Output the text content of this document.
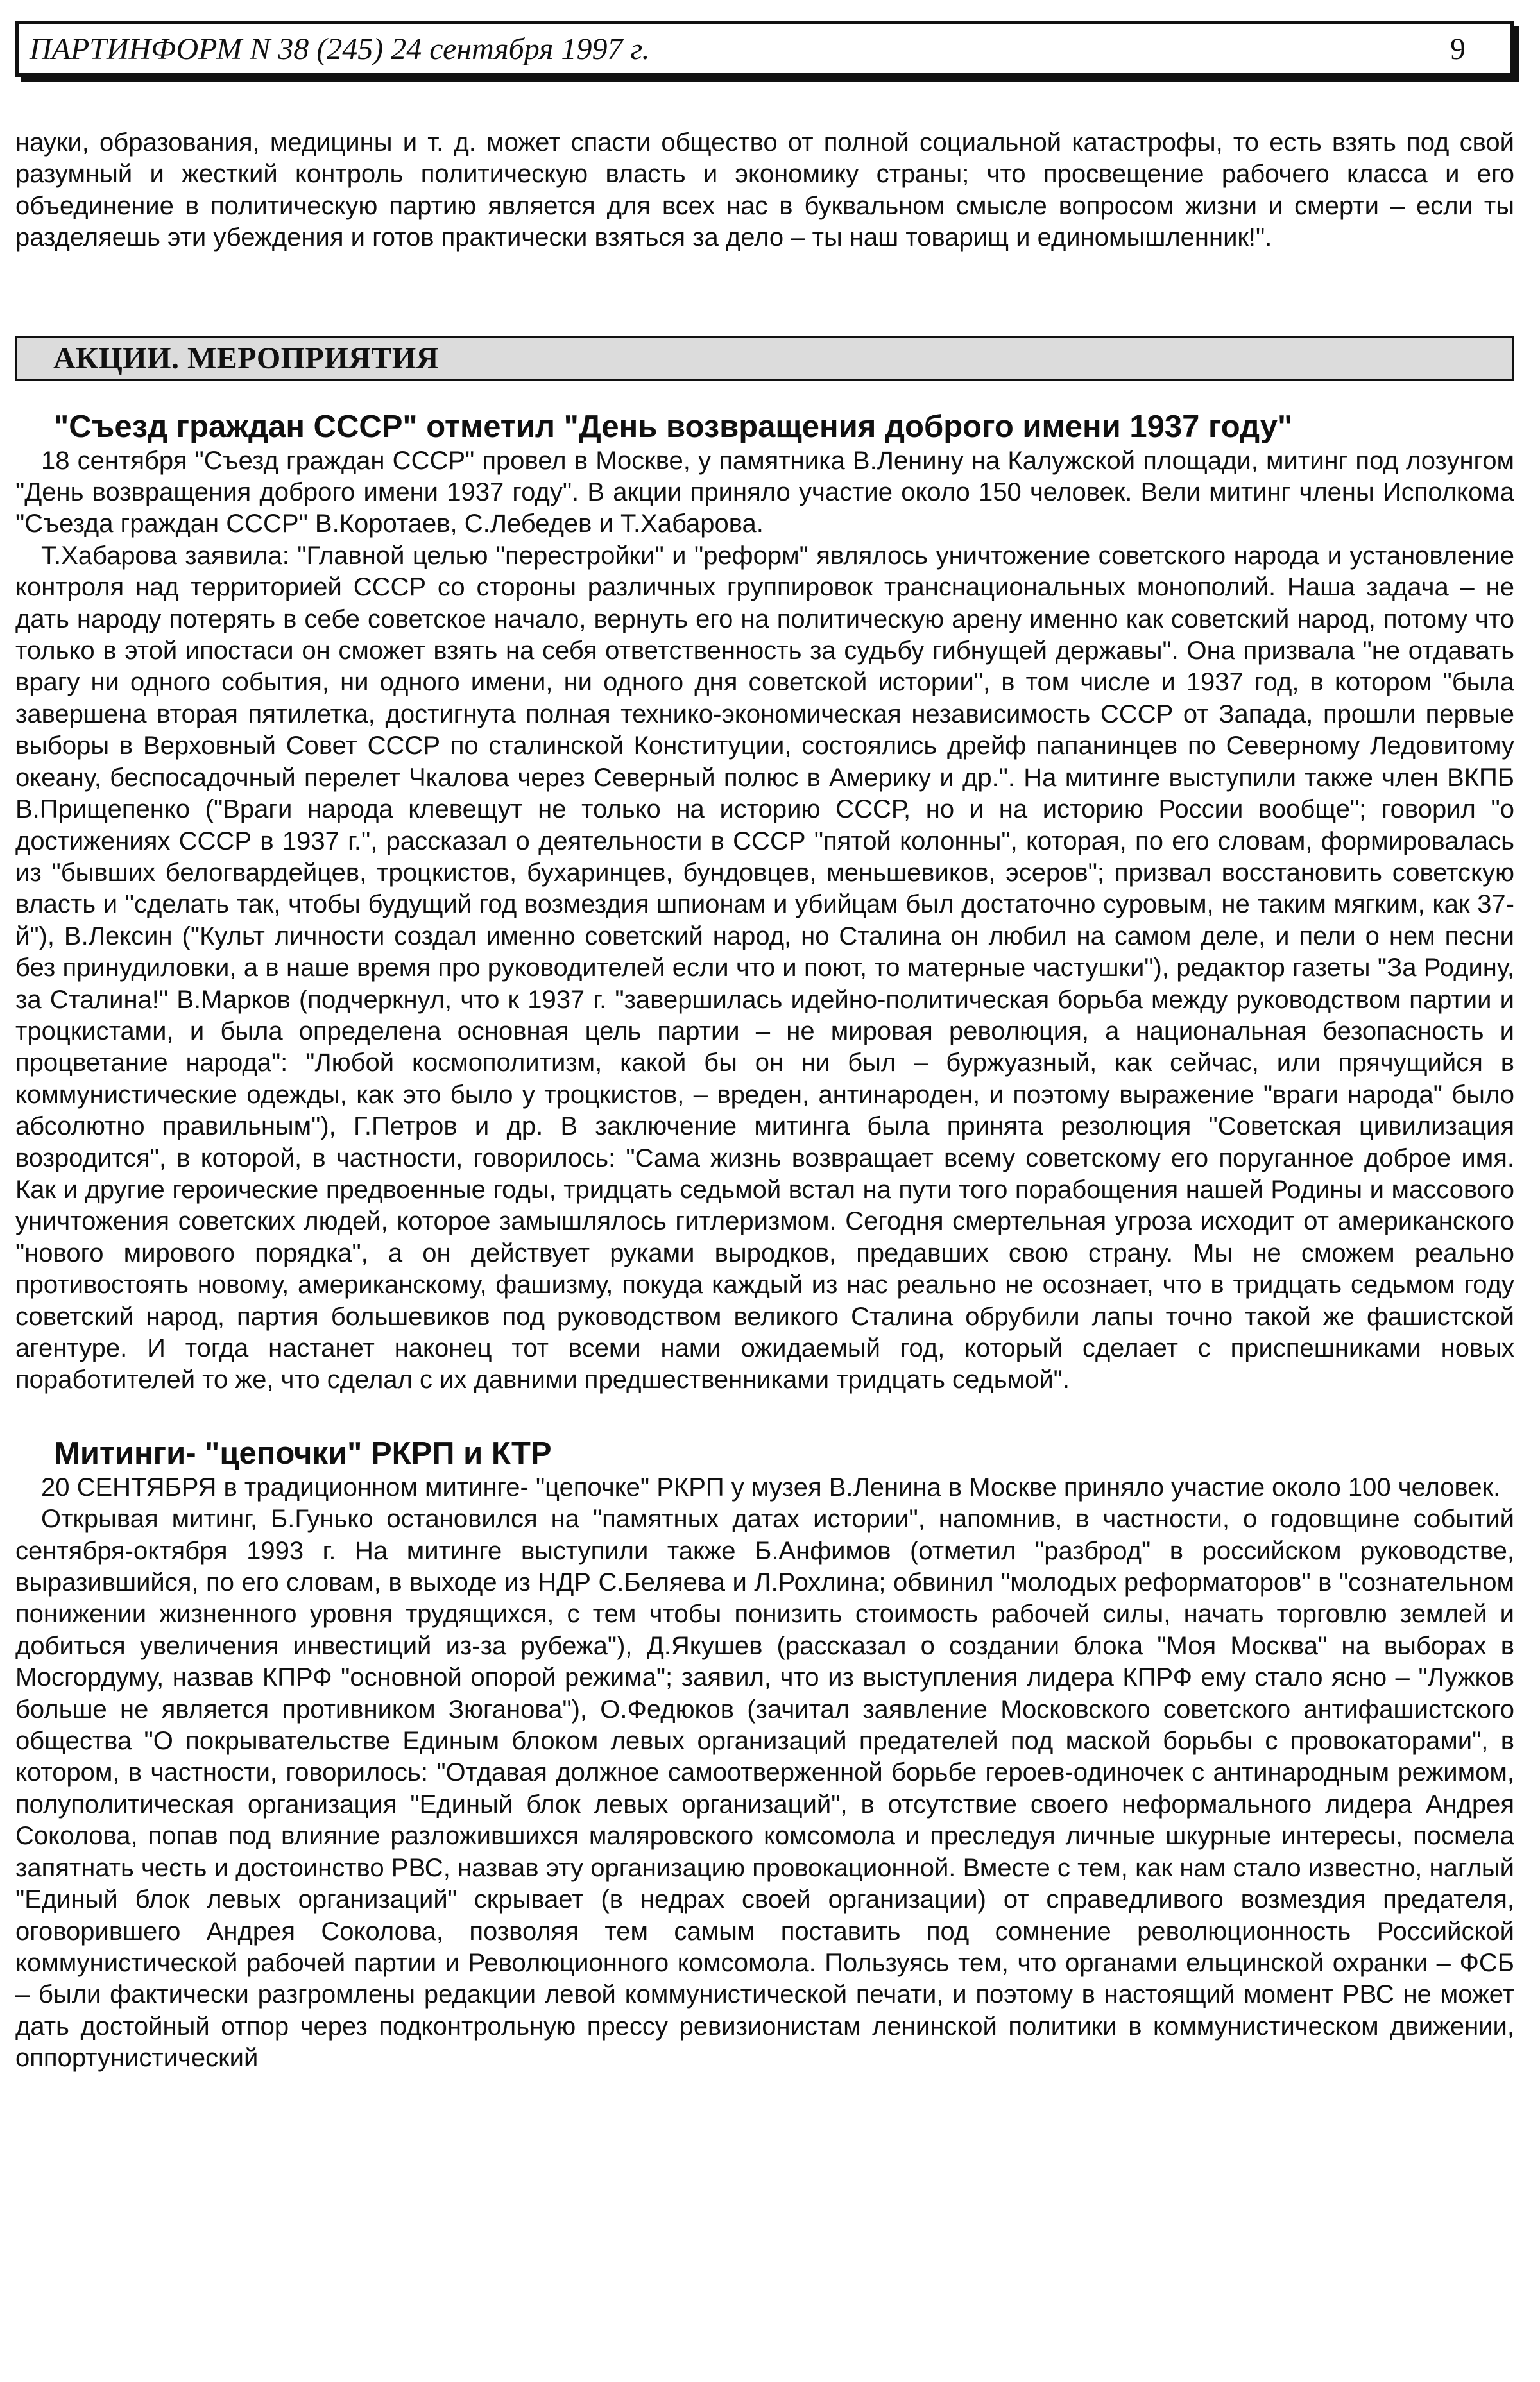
ПАРТИНФОРМ N 38 (245) 24 сентября 1997 г.	9

науки, образования, медицины и т. д. может спасти общество от полной социальной катастрофы, то есть взять под свой разумный и жесткий контроль политическую власть и экономику страны; что просвещение рабочего класса и его объединение в политическую партию является для всех нас в буквальном смысле вопросом жизни и смерти – если ты разделяешь эти убеждения и готов практически взяться за дело – ты наш товарищ и единомышленник!".

АКЦИИ. МЕРОПРИЯТИЯ
"Съезд граждан СССР" отметил "День возвращения доброго имени 1937 году"

18 сентября "Съезд граждан СССР" провел в Москве, у памятника В.Ленину на Калужской площади, митинг под лозунгом "День возвращения доброго имени 1937 году". В акции приняло участие около 150 человек. Вели митинг члены Исполкома "Съезда граждан СССР" В.Коротаев, С.Лебедев и Т.Хабарова.

Т.Хабарова заявила: "Главной целью "перестройки" и "реформ" являлось уничтожение советского народа и установление контроля над территорией СССР со стороны различных группировок транснациональных монополий. Наша задача – не дать народу потерять в себе советское начало, вернуть его на политическую арену именно как советский народ, потому что только в этой ипостаси он сможет взять на себя ответственность за судьбу гибнущей державы". Она призвала "не отдавать врагу ни одного события, ни одного имени, ни одного дня советской истории", в том числе и 1937 год, в котором "была завершена вторая пятилетка, достигнута полная технико-экономическая независимость СССР от Запада, прошли первые выборы в Верховный Совет СССР по сталинской Конституции, состоялись дрейф папанинцев по Северному Ледовитому океану, беспосадочный перелет Чкалова через Северный полюс в Америку и др.". На митинге выступили также член ВКПБ В.Прищепенко ("Враги народа клевещут не только на историю СССР, но и на историю России вообще"; говорил "о достижениях СССР в 1937 г.", рассказал о деятельности в СССР "пятой колонны", которая, по его словам, формировалась из "бывших белогвардейцев, троцкистов, бухаринцев, бундовцев, меньшевиков, эсеров"; призвал восстановить советскую власть и "сделать так, чтобы будущий год возмездия шпионам и убийцам был достаточно суровым, не таким мягким, как 37-й"), В.Лексин ("Культ личности создал именно советский народ, но Сталина он любил на самом деле, и пели о нем песни без принудиловки, а в наше время про руководителей если что и поют, то матерные частушки"), редактор газеты "За Родину, за Сталина!" В.Марков (подчеркнул, что к 1937 г. "завершилась идейно-политическая борьба между руководством партии и троцкистами, и была определена основная цель партии – не мировая революция, а национальная безопасность и процветание народа": "Любой космополитизм, какой бы он ни был – буржуазный, как сейчас, или прячущийся в коммунистические одежды, как это было у троцкистов, – вреден, антинароден, и поэтому выражение "враги народа" было абсолютно правильным"), Г.Петров и др. В заключение митинга была принята резолюция "Советская цивилизация возродится", в которой, в частности, говорилось: "Сама жизнь возвращает всему советскому его поруганное доброе имя. Как и другие героические предвоенные годы, тридцать седьмой встал на пути того порабощения нашей Родины и массового уничтожения советских людей, которое замышлялось гитлеризмом. Сегодня смертельная угроза исходит от американского "нового мирового порядка", а он действует руками выродков, предавших свою страну. Мы не сможем реально противостоять новому, американскому, фашизму, покуда каждый из нас реально не осознает, что в тридцать седьмом году советский народ, партия большевиков под руководством великого Сталина обрубили лапы точно такой же фашистской агентуре. И тогда настанет наконец тот всеми нами ожидаемый год, который сделает с приспешниками новых поработителей то же, что сделал с их давними предшественниками тридцать седьмой".

Митинги- "цепочки" РКРП и КТР

20 СЕНТЯБРЯ в традиционном митинге- "цепочке" РКРП у музея В.Ленина в Москве приняло участие около 100 человек.

Открывая митинг, Б.Гунько остановился на "памятных датах истории", напомнив, в частности, о годовщине событий сентября-октября 1993 г. На митинге выступили также Б.Анфимов (отметил "разброд" в российском руководстве, выразившийся, по его словам, в выходе из НДР С.Беляева и Л.Рохлина; обвинил "молодых реформаторов" в "сознательном понижении жизненного уровня трудящихся, с тем чтобы понизить стоимость рабочей силы, начать торговлю землей и добиться увеличения инвестиций из-за рубежа"), Д.Якушев (рассказал о создании блока "Моя Москва" на выборах в Мосгордуму, назвав КПРФ "основной опорой режима"; заявил, что из выступления лидера КПРФ ему стало ясно – "Лужков больше не является противником Зюганова"), О.Федюков (зачитал заявление Московского советского антифашистского общества "О покрывательстве Единым блоком левых организаций предателей под маской борьбы с провокаторами", в котором, в частности, говорилось: "Отдавая должное самоотверженной борьбе героев-одиночек с антинародным режимом, полуполитическая организация "Единый блок левых организаций", в отсутствие своего неформального лидера Андрея Соколова, попав под влияние разложившихся маляровского комсомола и преследуя личные шкурные интересы, посмела запятнать честь и достоинство РВС, назвав эту организацию провокационной. Вместе с тем, как нам стало известно, наглый "Единый блок левых организаций" скрывает (в недрах своей организации) от справедливого возмездия предателя, оговорившего Андрея Соколова, позволяя тем самым поставить под сомнение революционность Российской коммунистической рабочей партии и Революционного комсомола. Пользуясь тем, что органами ельцинской охранки – ФСБ – были фактически разгромлены редакции левой коммунистической печати, и поэтому в настоящий момент РВС не может дать достойный отпор через подконтрольную прессу ревизионистам ленинской политики в коммунистическом движении, оппортунистический
